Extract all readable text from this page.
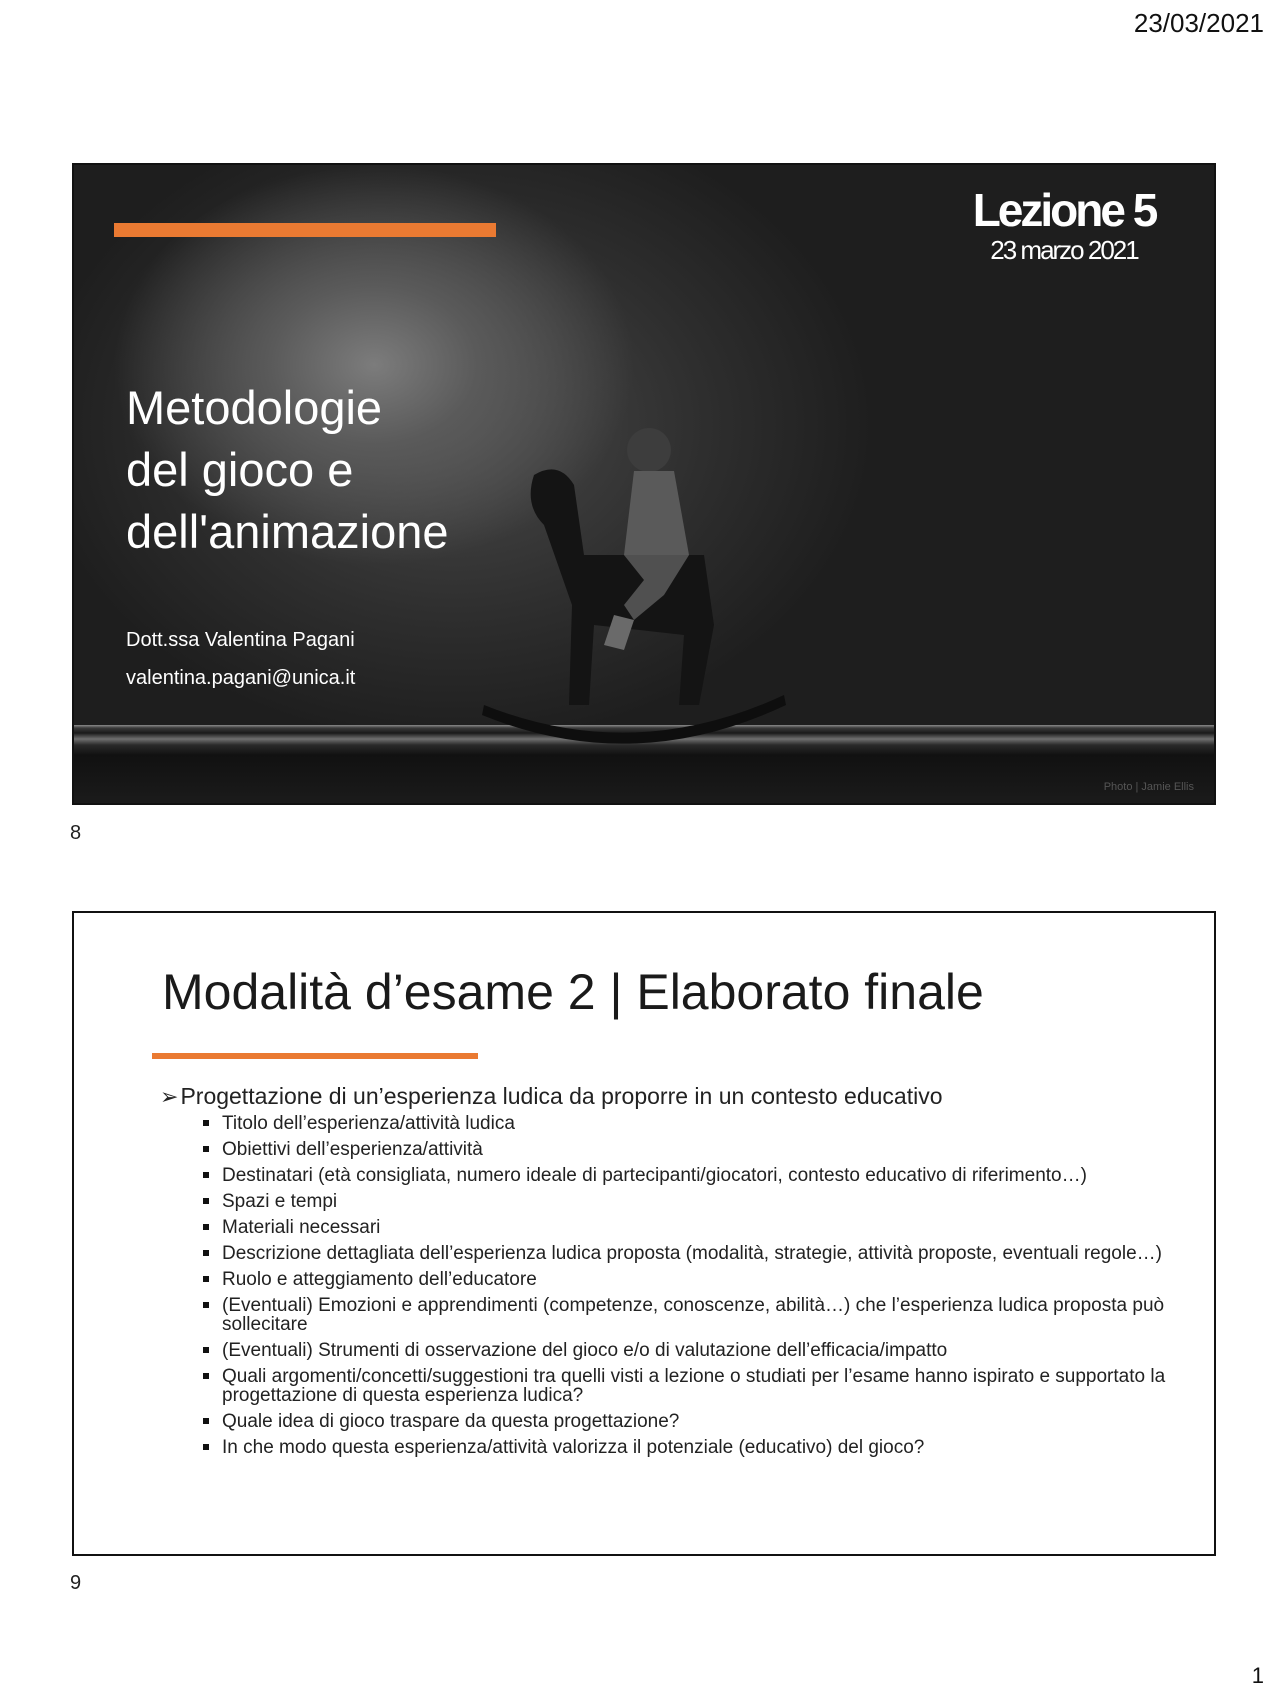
23/03/2021
Lezione 5
23 marzo 2021
Metodologie
del gioco e
dell'animazione
Dott.ssa Valentina Pagani
valentina.pagani@unica.it
Photo | Jamie Ellis
8
Modalità d’esame 2 | Elaborato finale
➢ Progettazione di un’esperienza ludica da proporre in un contesto educativo
Titolo dell’esperienza/attività ludica
Obiettivi dell’esperienza/attività
Destinatari (età consigliata, numero ideale di partecipanti/giocatori, contesto educativo di riferimento…)
Spazi e tempi
Materiali necessari
Descrizione dettagliata dell’esperienza ludica proposta (modalità, strategie, attività proposte, eventuali regole…)
Ruolo e atteggiamento dell’educatore
(Eventuali) Emozioni e apprendimenti (competenze, conoscenze, abilità…) che l’esperienza ludica proposta può sollecitare
(Eventuali) Strumenti di osservazione del gioco e/o di valutazione dell’efficacia/impatto
Quali argomenti/concetti/suggestioni tra quelli visti a lezione o studiati per l’esame hanno ispirato e supportato la progettazione di questa esperienza ludica?
Quale idea di gioco traspare da questa progettazione?
In che modo questa esperienza/attività valorizza il potenziale (educativo) del gioco?
9
1
